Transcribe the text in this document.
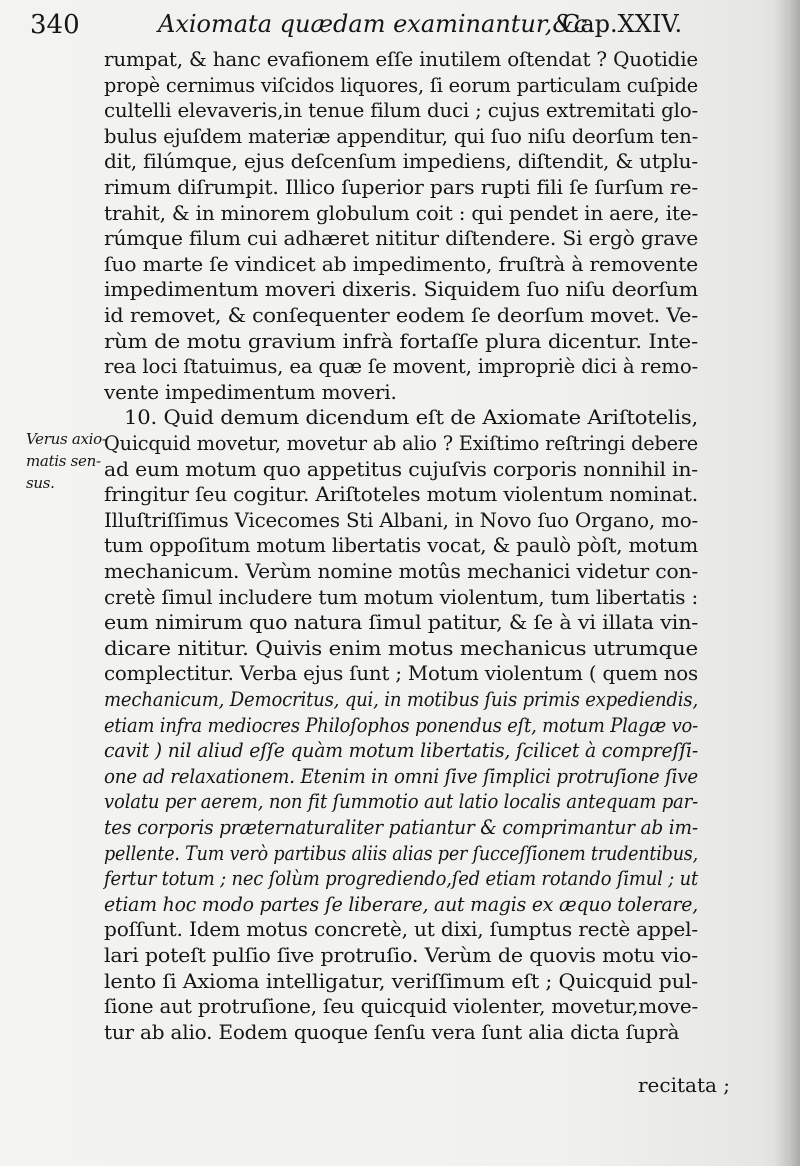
340	Axiomata quædam examinantur,&c.
Cap.XXIV.
Verus axio-
matis sen-
sus.
rumpat, & hanc evafionem eſſe inutilem oſtendat ? Quotidie
propè cernimus viſcidos liquores, ſi eorum particulam cuſpide
cultelli elevaveris,in tenue filum duci ; cujus extremitati glo-
bulus ejuſdem materiæ appenditur, qui ſuo niſu deorſum ten-
dit, filúmque, ejus deſcenſum impediens, diſtendit, & utplu-
rimum diſrumpit. Illico ſuperior pars rupti fili ſe ſurſum re-
trahit, & in minorem globulum coit : qui pendet in aere, ite-
rúmque filum cui adhæret nititur diſtendere. Si ergò grave
ſuo marte ſe vindicet ab impedimento, fruſtrà à removente
impedimentum moveri dixeris. Siquidem ſuo niſu deorſum
id removet, & conſequenter eodem ſe deorſum movet. Ve-
rùm de motu gravium infrà fortaſſe plura dicentur. Inte-
rea loci ſtatuimus, ea quæ ſe movent, impropriè dici à remo-
vente impedimentum moveri.
10. Quid demum dicendum eſt de Axiomate Ariſtotelis,
Quicquid movetur, movetur ab alio ? Exiſtimo reſtringi debere
ad eum motum quo appetitus cujuſvis corporis nonnihil in-
fringitur ſeu cogitur. Ariſtoteles motum violentum nominat.
Illuſtriſſimus Vicecomes Sti Albani, in Novo ſuo Organo, mo-
tum oppoſitum motum libertatis vocat, & paulò pòſt, motum
mechanicum. Verùm nomine motûs mechanici videtur con-
cretè ſimul includere tum motum violentum, tum libertatis :
eum nimirum quo natura ſimul patitur, & ſe à vi illata vin-
dicare nititur. Quivis enim motus mechanicus utrumque
complectitur. Verba ejus ſunt ; Motum violentum ( quem nos
mechanicum, Democritus, qui, in motibus ſuis primis expediendis,
etiam infra mediocres Philoſophos ponendus eſt, motum Plagæ vo-
cavit ) nil aliud eſſe quàm motum libertatis, ſcilicet à compreſſi-
one ad relaxationem. Etenim in omni ſive ſimplici protruſione ſive
volatu per aerem, non fit ſummotio aut latio localis antequam par-
tes corporis præternaturaliter patiantur & comprimantur ab im-
pellente. Tum verò partibus aliis alias per ſucceſſionem trudentibus,
fertur totum ; nec ſolùm progrediendo,ſed etiam rotando ſimul ; ut
etiam hoc modo partes ſe liberare, aut magis ex æquo tolerare,
poſſunt. Idem motus concretè, ut dixi, ſumptus rectè appel-
lari poteſt pulſio ſive protruſio. Verùm de quovis motu vio-
lento ſi Axioma intelligatur, veriſſimum eſt ; Quicquid pul-
ſione aut protruſione, ſeu quicquid violenter, movetur,move-
tur ab alio. Eodem quoque ſenſu vera ſunt alia dicta ſuprà
recitata ;
